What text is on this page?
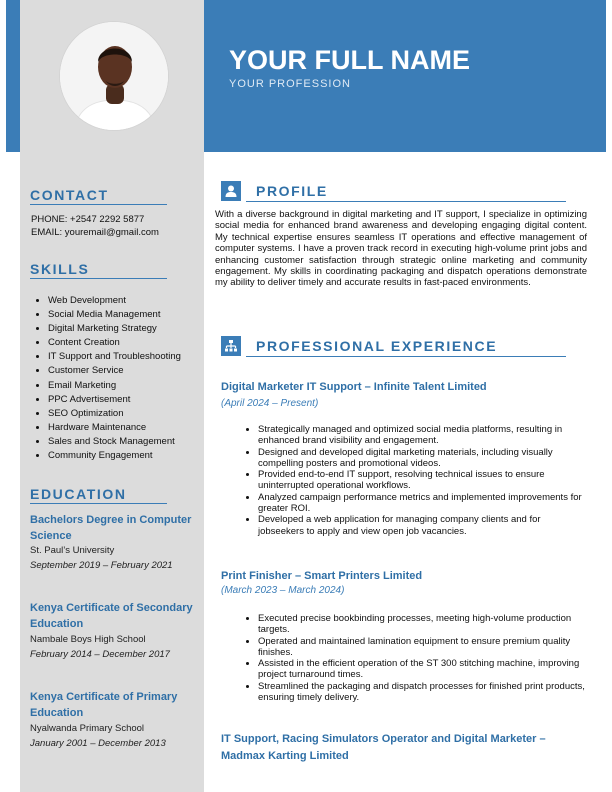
YOUR FULL NAME
YOUR PROFESSION
CONTACT
PHONE: +2547 2292 5877
EMAIL: youremail@gmail.com
SKILLS
• Web Development
• Social Media Management
• Digital Marketing Strategy
• Content Creation
• IT Support and Troubleshooting
• Customer Service
• Email Marketing
• PPC Advertisement
• SEO Optimization
• Hardware Maintenance
• Sales and Stock Management
• Community Engagement
EDUCATION
Bachelors Degree in Computer Science
St. Paul’s University
September 2019 – February 2021
Kenya Certificate of Secondary Education
Nambale Boys High School
February 2014 – December 2017
Kenya Certificate of Primary Education
Nyalwanda Primary School
January 2001 – December 2013
PROFILE

With a diverse background in digital marketing and IT support, I specialize in optimizing social media for enhanced brand awareness and developing engaging digital content. My technical expertise ensures seamless IT operations and effective management of computer systems. I have a proven track record in executing high-volume print jobs and enhancing customer satisfaction through strategic online marketing and community engagement. My skills in coordinating packaging and dispatch operations demonstrate my ability to deliver timely and accurate results in fast-paced environments.

PROFESSIONAL EXPERIENCE
Digital Marketer IT Support – Infinite Talent Limited
(April 2024 – Present)
• Strategically managed and optimized social media platforms, resulting in enhanced brand visibility and engagement.
• Designed and developed digital marketing materials, including visually compelling posters and promotional videos.
• Provided end-to-end IT support, resolving technical issues to ensure uninterrupted operational workflows.
• Analyzed campaign performance metrics and implemented improvements for greater ROI.
• Developed a web application for managing company clients and for jobseekers to apply and view open job vacancies.
Print Finisher – Smart Printers Limited
(March 2023 – March 2024)
• Executed precise bookbinding processes, meeting high-volume production targets.
• Operated and maintained lamination equipment to ensure premium quality finishes.
• Assisted in the efficient operation of the ST 300 stitching machine, improving project turnaround times.
• Streamlined the packaging and dispatch processes for finished print products, ensuring timely delivery.
IT Support, Racing Simulators Operator and Digital Marketer – Madmax Karting Limited
